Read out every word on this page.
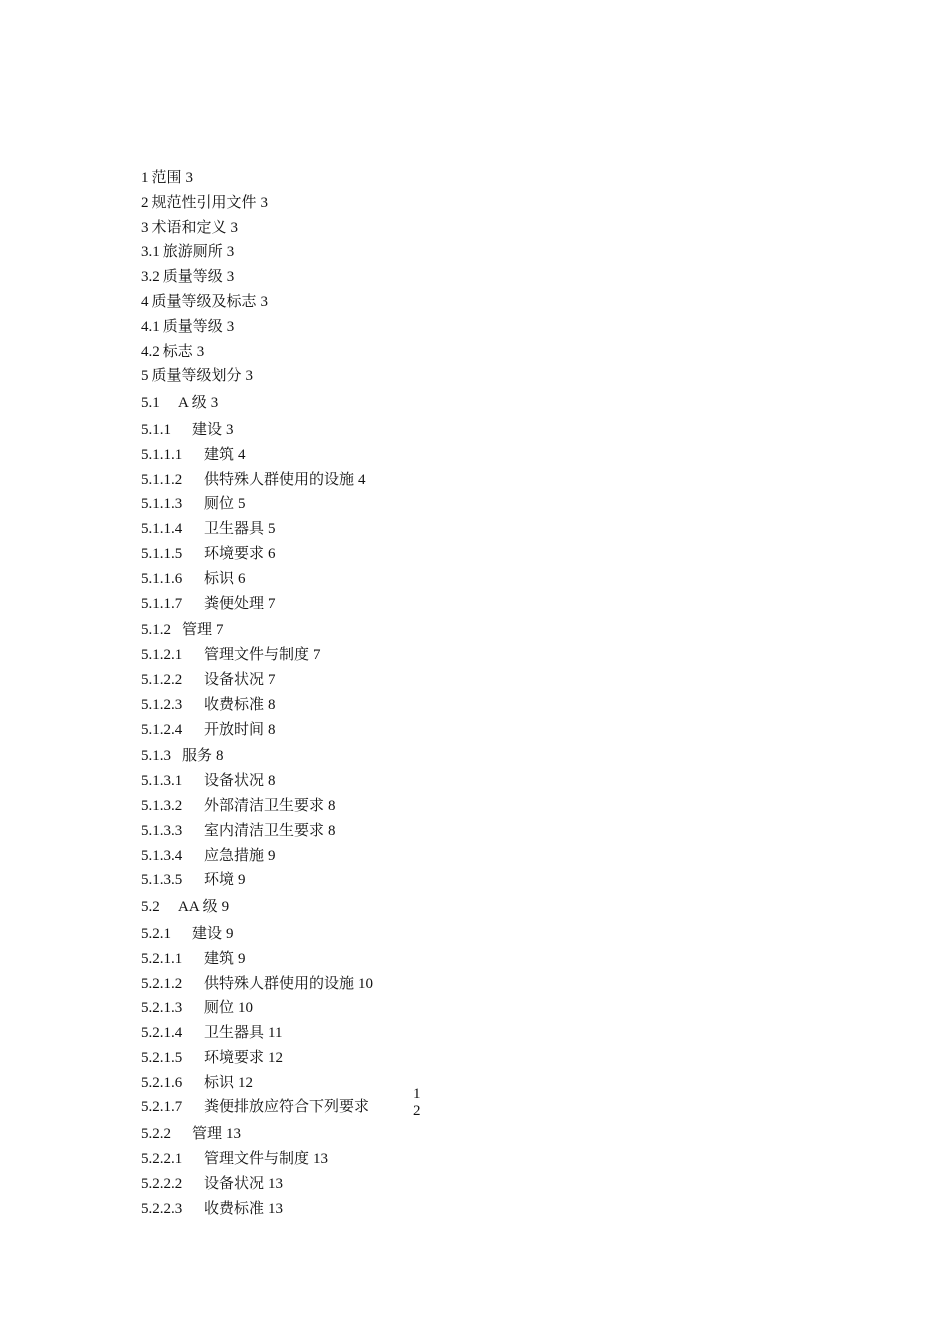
1 范围 3
2 规范性引用文件 3
3 术语和定义 3
3.1 旅游厕所 3
3.2 质量等级 3
4 质量等级及标志 3
4.1 质量等级 3
4.2 标志 3
5 质量等级划分 3
5.1 A 级 3
5.1.1 建设 3
5.1.1.1 建筑 4
5.1.1.2 供特殊人群使用的设施 4
5.1.1.3 厕位 5
5.1.1.4 卫生器具 5
5.1.1.5 环境要求 6
5.1.1.6 标识 6
5.1.1.7 粪便处理 7
5.1.2 管理 7
5.1.2.1 管理文件与制度 7
5.1.2.2 设备状况 7
5.1.2.3 收费标准 8
5.1.2.4 开放时间 8
5.1.3 服务 8
5.1.3.1 设备状况 8
5.1.3.2 外部清洁卫生要求 8
5.1.3.3 室内清洁卫生要求 8
5.1.3.4 应急措施 9
5.1.3.5 环境 9
5.2 AA 级 9
5.2.1 建设 9
5.2.1.1 建筑 9
5.2.1.2 供特殊人群使用的设施 10
5.2.1.3 厕位 10
5.2.1.4 卫生器具 11
5.2.1.5 环境要求 12
5.2.1.6 标识 12
5.2.1.7 粪便排放应符合下列要求
1
2
5.2.2 管理 13
5.2.2.1 管理文件与制度 13
5.2.2.2 设备状况 13
5.2.2.3 收费标准 13
